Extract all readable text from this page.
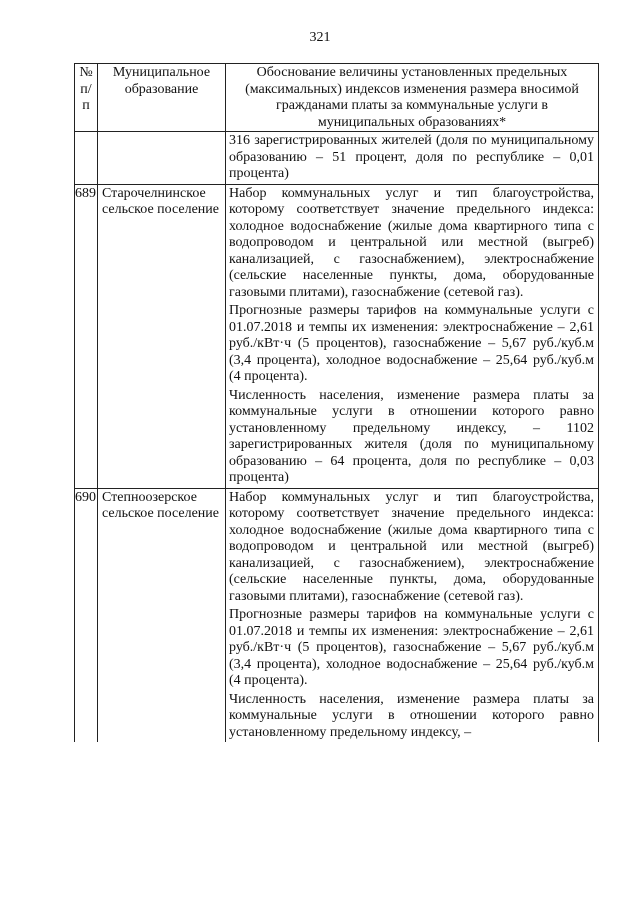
321
№ п/п	Муниципальное образование	Обоснование величины установленных предельных (максимальных) индексов изменения размера вносимой гражданами платы за коммунальные услуги в муниципальных образованиях*

		316 зарегистрированных жителей (доля по муниципальному образованию – 51 процент, доля по республике – 0,01 процента)

689	Старочелнинское сельское поселение	Набор коммунальных услуг и тип благоустройства, которому соответствует значение предельного индекса: холодное водоснабжение (жилые дома квартирного типа с водопроводом и центральной или местной (выгреб) канализацией, с газоснабжением), электроснабжение (сельские населенные пункты, дома, оборудованные газовыми плитами), газоснабжение (сетевой газ).

Прогнозные размеры тарифов на коммунальные услуги с 01.07.2018 и темпы их изменения: электроснабжение – 2,61 руб./кВт·ч (5 процентов), газоснабжение – 5,67 руб./куб.м (3,4 процента), холодное водоснабжение – 25,64 руб./куб.м (4 процента).

Численность населения, изменение размера платы за коммунальные услуги в отношении которого равно установленному предельному индексу, – 1102 зарегистрированных жителя (доля по муниципальному образованию – 64 процента, доля по республике – 0,03 процента)

690	Степноозерское сельское поселение	Набор коммунальных услуг и тип благоустройства, которому соответствует значение предельного индекса: холодное водоснабжение (жилые дома квартирного типа с водопроводом и центральной или местной (выгреб) канализацией, с газоснабжением), электроснабжение (сельские населенные пункты, дома, оборудованные газовыми плитами), газоснабжение (сетевой газ).

Прогнозные размеры тарифов на коммунальные услуги с 01.07.2018 и темпы их изменения: электроснабжение – 2,61 руб./кВт·ч (5 процентов), газоснабжение – 5,67 руб./куб.м (3,4 процента), холодное водоснабжение – 25,64 руб./куб.м (4 процента).

Численность населения, изменение размера платы за коммунальные услуги в отношении которого равно установленному предельному индексу, –
